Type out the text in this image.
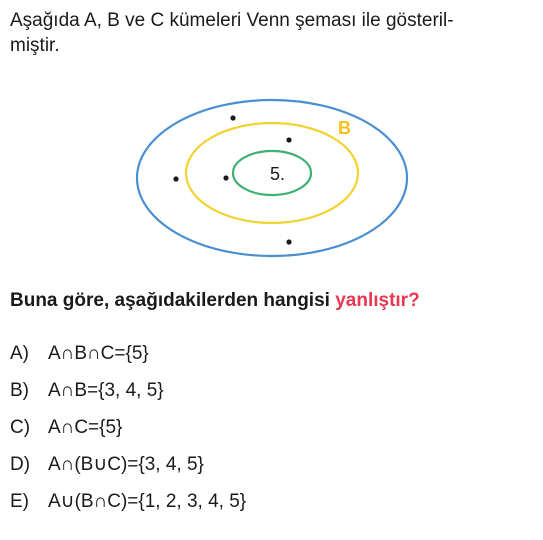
Aşağıda A, B ve C kümeleri Venn şeması ile gösteril-
miştir.
B
5.
Buna göre, aşağıdakilerden hangisi yanlıştır?
A) A∩B∩C={5}
B) A∩B={3, 4, 5}
C) A∩C={5}
D) A∩(B∪C)={3, 4, 5}
E) A∪(B∩C)={1, 2, 3, 4, 5}
